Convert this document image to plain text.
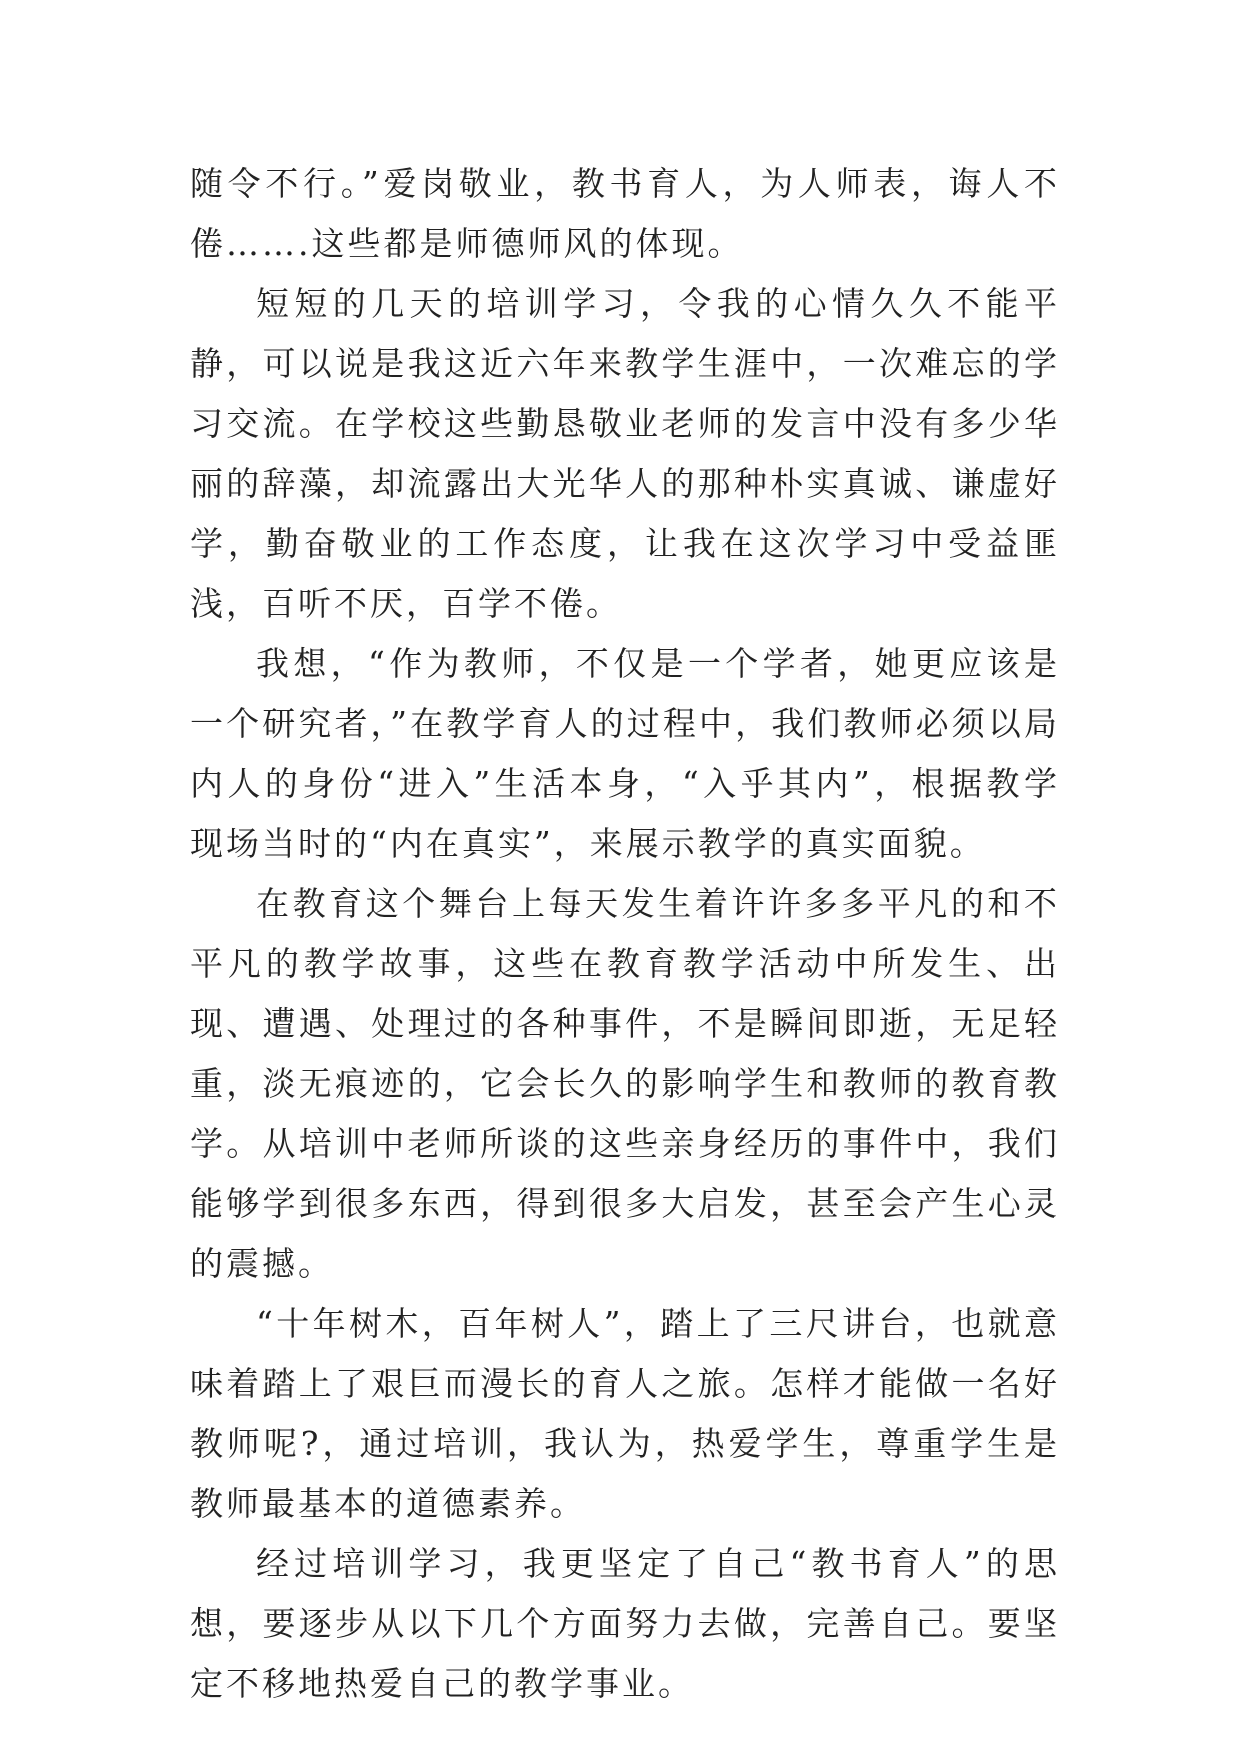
随令不行。”爱岗敬业，教书育人，为人师表，诲人不倦…….这些都是师德师风的体现。

短短的几天的培训学习，令我的心情久久不能平静，可以说是我这近六年来教学生涯中，一次难忘的学习交流。在学校这些勤恳敬业老师的发言中没有多少华丽的辞藻，却流露出大光华人的那种朴实真诚、谦虚好学，勤奋敬业的工作态度，让我在这次学习中受益匪浅，百听不厌，百学不倦。

我想，“作为教师，不仅是一个学者，她更应该是一个研究者，”在教学育人的过程中，我们教师必须以局内人的身份“进入”生活本身，“入乎其内”，根据教学现场当时的“内在真实”，来展示教学的真实面貌。

在教育这个舞台上每天发生着许许多多平凡的和不平凡的教学故事，这些在教育教学活动中所发生、出现、遭遇、处理过的各种事件，不是瞬间即逝，无足轻重，淡无痕迹的，它会长久的影响学生和教师的教育教学。从培训中老师所谈的这些亲身经历的事件中，我们能够学到很多东西，得到很多大启发，甚至会产生心灵的震撼。

“十年树木，百年树人”，踏上了三尺讲台，也就意味着踏上了艰巨而漫长的育人之旅。怎样才能做一名好教师呢?，通过培训，我认为，热爱学生，尊重学生是教师最基本的道德素养。

经过培训学习，我更坚定了自己“教书育人”的思想，要逐步从以下几个方面努力去做，完善自己。要坚定不移地热爱自己的教学事业。
